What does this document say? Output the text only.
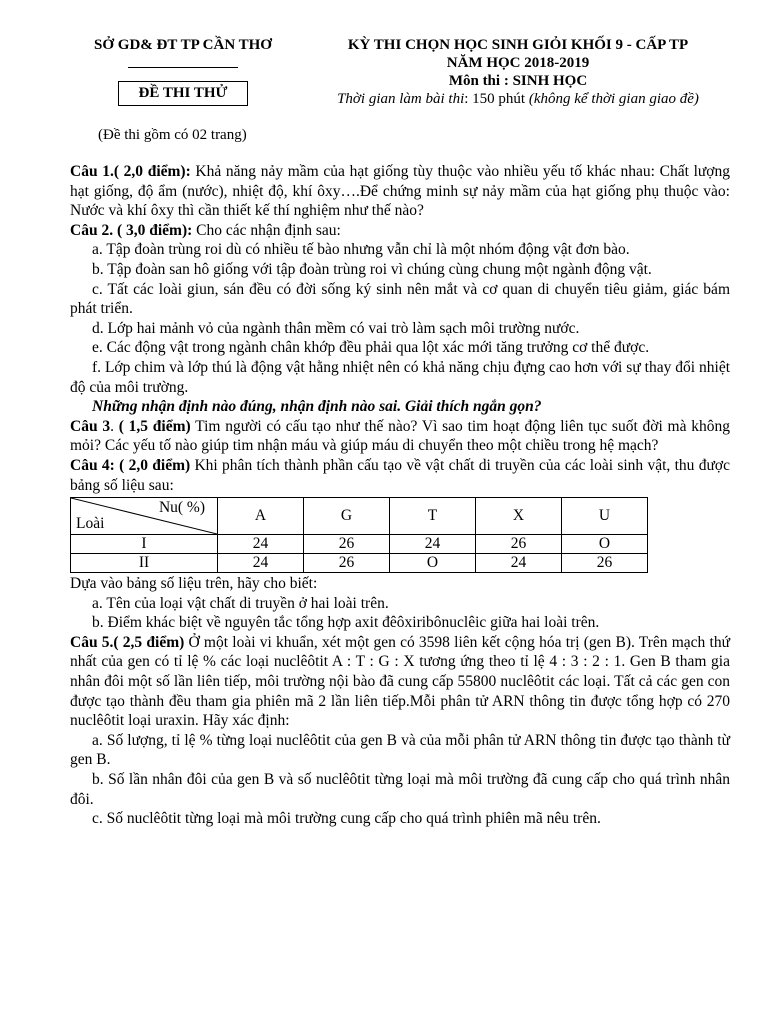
SỞ GD& ĐT TP CẦN THƠ
ĐỀ THI THỬ
KỲ THI CHỌN HỌC SINH GIỎI KHỐI 9 - CẤP TP
NĂM HỌC 2018-2019
Môn thi : SINH HỌC
Thời gian làm bài thi: 150 phút (không kể thời gian giao đề)
(Đề thi gồm có 02 trang)

Câu 1.( 2,0 điểm): Khả năng nảy mầm của hạt giống tùy thuộc vào nhiều yếu tố khác nhau: Chất lượng hạt giống, độ ẩm (nước), nhiệt độ, khí ôxy….Để chứng minh sự nảy mầm của hạt giống phụ thuộc vào: Nước và khí ôxy thì cần thiết kế thí nghiệm như thế nào?

Câu 2. ( 3,0 điểm): Cho các nhận định sau:

a. Tập đoàn trùng roi dù có nhiều tế bào nhưng vẫn chỉ là một nhóm động vật đơn bào.

b. Tập đoàn san hô giống với tập đoàn trùng roi vì chúng cùng chung một ngành động vật.

c. Tất các loài giun, sán đều có đời sống ký sinh nên mắt và cơ quan di chuyển tiêu giảm, giác bám phát triển.

d. Lớp hai mảnh vỏ của ngành thân mềm có vai trò làm sạch môi trường nước.

e. Các động vật trong ngành chân khớp đều phải qua lột xác mới tăng trưởng cơ thể được.

f. Lớp chim và lớp thú là động vật hằng nhiệt nên có khả năng chịu đựng cao hơn với sự thay đổi nhiệt độ của môi trường.

Những nhận định nào đúng, nhận định nào sai. Giải thích ngắn gọn?

Câu 3. ( 1,5 điểm) Tim người có cấu tạo như thế nào? Vì sao tim hoạt động liên tục suốt đời mà không mỏi? Các yếu tố nào giúp tim nhận máu và giúp máu di chuyển theo một chiều trong hệ mạch?

Câu 4: ( 2,0 điểm) Khi phân tích thành phần cấu tạo về vật chất di truyền của các loài sinh vật, thu được bảng số liệu sau:

Nu( %)
Loài	A	G	T	X	U
I	24	26	24	26	O
II	24	26	O	24	26

Dựa vào bảng số liệu trên, hãy cho biết:

a. Tên của loại vật chất di truyền ở hai loài trên.

b. Điểm khác biệt về nguyên tắc tổng hợp axit đêôxiribônuclêic giữa hai loài trên.

Câu 5.( 2,5 điểm) Ở một loài vi khuẩn, xét một gen có 3598 liên kết cộng hóa trị (gen B). Trên mạch thứ nhất của gen có tỉ lệ % các loại nuclêôtit A : T : G : X tương ứng theo tỉ lệ 4 : 3 : 2 : 1. Gen B tham gia nhân đôi một số lần liên tiếp, môi trường nội bào đã cung cấp 55800 nuclêôtit các loại. Tất cả các gen con được tạo thành đều tham gia phiên mã 2 lần liên tiếp.Mỗi phân tử ARN thông tin được tổng hợp có 270 nuclêôtit loại uraxin. Hãy xác định:

a. Số lượng, tỉ lệ % từng loại nuclêôtit của gen B và của mỗi phân tử ARN thông tin được tạo thành từ gen B.

b. Số lần nhân đôi của gen B và số nuclêôtit từng loại mà môi trường đã cung cấp cho quá trình nhân đôi.

c. Số nuclêôtit từng loại mà môi trường cung cấp cho quá trình phiên mã nêu trên.
